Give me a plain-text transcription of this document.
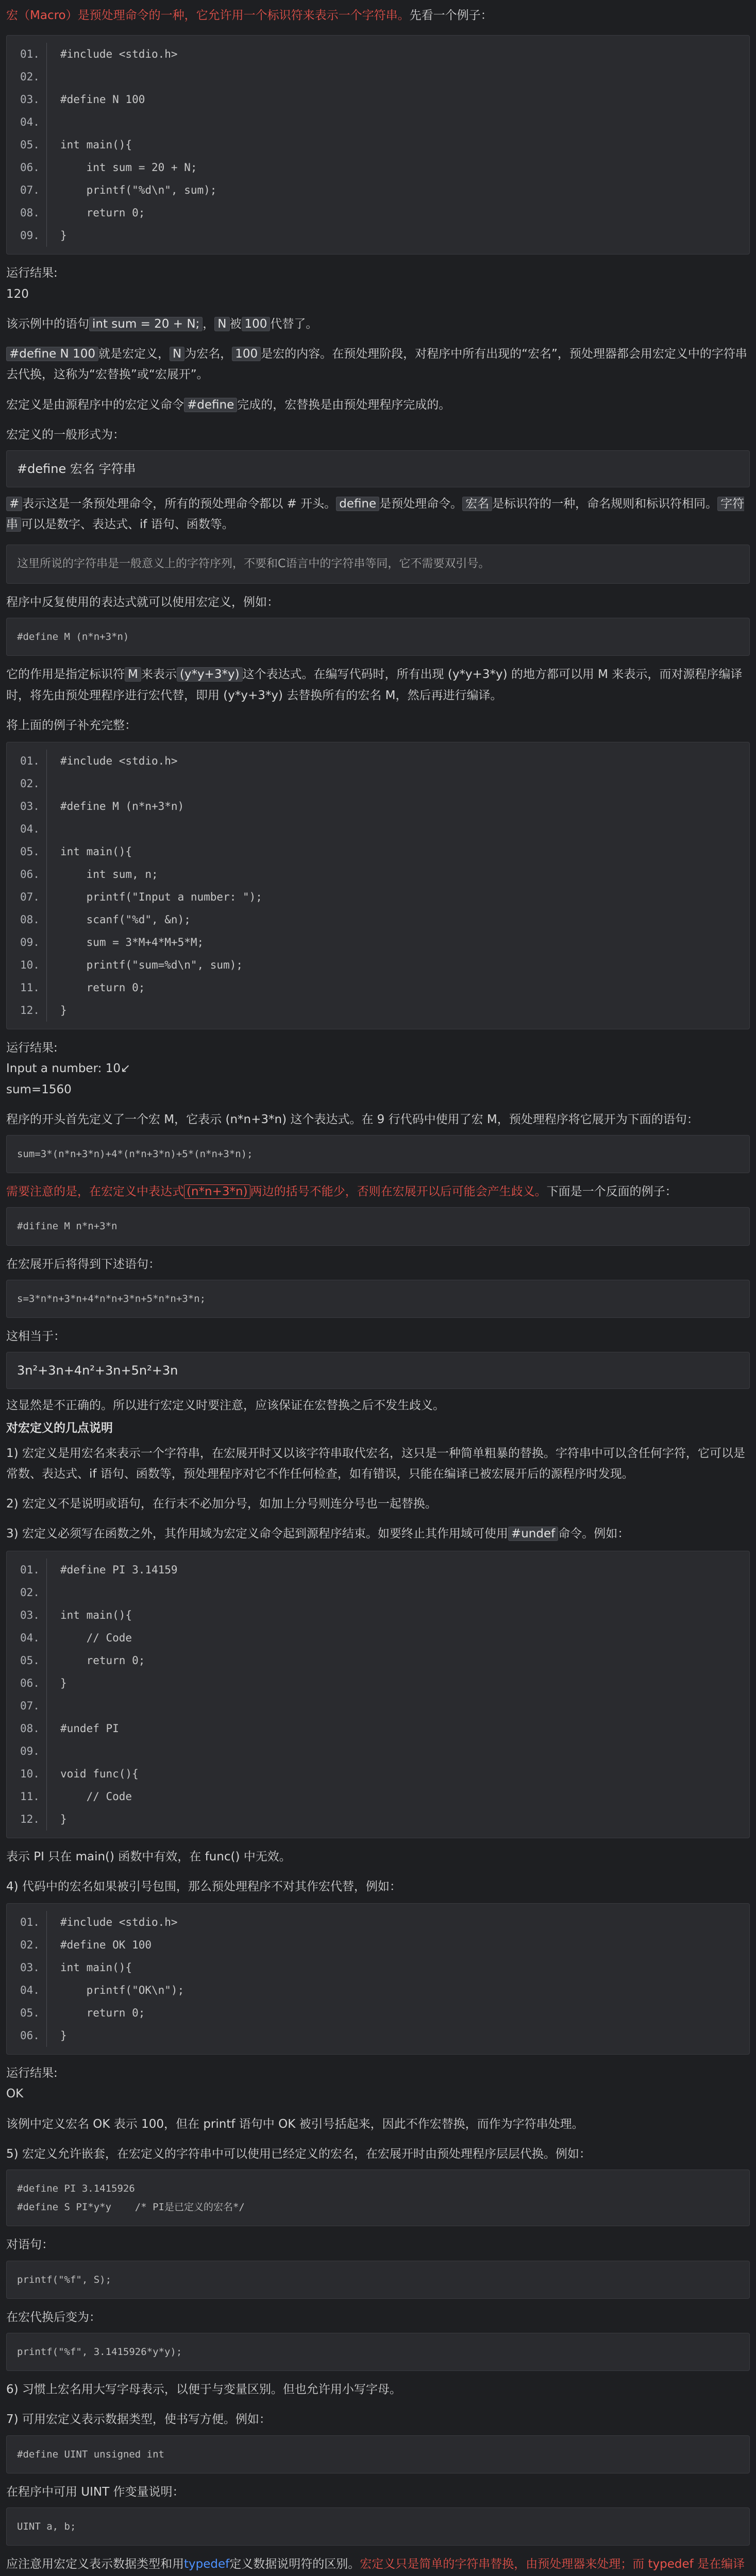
宏（Macro）是预处理命令的一种，它允许用一个标识符来表示一个字符串。先看一个例子：
01.	#include <stdio.h>
02.
03.	#define N 100
04.
05.	int main(){
06.	int sum = 20 + N;
07.	printf("%d\n", sum);
08.	return 0;
09.	}
运行结果:
120
该示例中的语句 int sum = 20 + N; ， N 被 100 代替了。
#define N 100 就是宏定义， N 为宏名， 100 是宏的内容。在预处理阶段，对程序中所有出现的“宏名”，预处理器都会用宏定义中的字符串去代换，这称为“宏替换”或“宏展开”。
宏定义是由源程序中的宏定义命令 #define 完成的，宏替换是由预处理程序完成的。
宏定义的一般形式为：
#define 宏名 字符串
# 表示这是一条预处理命令，所有的预处理命令都以 # 开头。 define 是预处理命令。 宏名 是标识符的一种，命名规则和标识符相同。 字符串 可以是数字、表达式、if 语句、函数等。
这里所说的字符串是一般意义上的字符序列，不要和C语言中的字符串等同，它不需要双引号。
程序中反复使用的表达式就可以使用宏定义，例如：
#define M (n*n+3*n)
它的作用是指定标识符 M 来表示 (y*y+3*y) 这个表达式。在编写代码时，所有出现 (y*y+3*y) 的地方都可以用 M 来表示，而对源程序编译时，将先由预处理程序进行宏代替，即用 (y*y+3*y) 去替换所有的宏名 M，然后再进行编译。
将上面的例子补充完整：
01.	#include <stdio.h>
02.
03.	#define M (n*n+3*n)
04.
05.	int main(){
06.	int sum, n;
07.	printf("Input a number: ");
08.	scanf("%d", &n);
09.	sum = 3*M+4*M+5*M;
10.	printf("sum=%d\n", sum);
11.	return 0;
12.	}
运行结果:
Input a number: 10↙
sum=1560
程序的开头首先定义了一个宏 M，它表示 (n*n+3*n) 这个表达式。在 9 行代码中使用了宏 M，预处理程序将它展开为下面的语句：
sum=3*(n*n+3*n)+4*(n*n+3*n)+5*(n*n+3*n);
需要注意的是，在宏定义中表达式 (n*n+3*n) 两边的括号不能少，否则在宏展开以后可能会产生歧义。下面是一个反面的例子：
#difine M n*n+3*n
在宏展开后将得到下述语句：
s=3*n*n+3*n+4*n*n+3*n+5*n*n+3*n;
这相当于：
3n²+3n+4n²+3n+5n²+3n
这显然是不正确的。所以进行宏定义时要注意，应该保证在宏替换之后不发生歧义。
对宏定义的几点说明
1) 宏定义是用宏名来表示一个字符串，在宏展开时又以该字符串取代宏名，这只是一种简单粗暴的替换。字符串中可以含任何字符，它可以是常数、表达式、if 语句、函数等，预处理程序对它不作任何检查，如有错误，只能在编译已被宏展开后的源程序时发现。
2) 宏定义不是说明或语句，在行末不必加分号，如加上分号则连分号也一起替换。
3) 宏定义必须写在函数之外，其作用域为宏定义命令起到源程序结束。如要终止其作用域可使用 #undef 命令。例如：
01.	#define PI 3.14159
02.
03.	int main(){
04.	// Code
05.	return 0;
06.	}
07.
08.	#undef PI
09.
10.	void func(){
11.	// Code
12.	}
表示 PI 只在 main() 函数中有效，在 func() 中无效。
4) 代码中的宏名如果被引号包围，那么预处理程序不对其作宏代替，例如：
01.	#include <stdio.h>
02.	#define OK 100
03.	int main(){
04.	printf("OK\n");
05.	return 0;
06.	}
运行结果:
OK
该例中定义宏名 OK 表示 100，但在 printf 语句中 OK 被引号括起来，因此不作宏替换，而作为字符串处理。
5) 宏定义允许嵌套，在宏定义的字符串中可以使用已经定义的宏名，在宏展开时由预处理程序层层代换。例如：
#define PI 3.1415926
#define S PI*y*y    /* PI是已定义的宏名*/
对语句：
printf("%f", S);
在宏代换后变为：
printf("%f", 3.1415926*y*y);
6) 习惯上宏名用大写字母表示，以便于与变量区别。但也允许用小写字母。
7) 可用宏定义表示数据类型，使书写方便。例如：
#define UINT unsigned int
在程序中可用 UINT 作变量说明：
UINT a, b;
应注意用宏定义表示数据类型和用typedef定义数据说明符的区别。宏定义只是简单的字符串替换，由预处理器来处理；而 typedef 是在编译
